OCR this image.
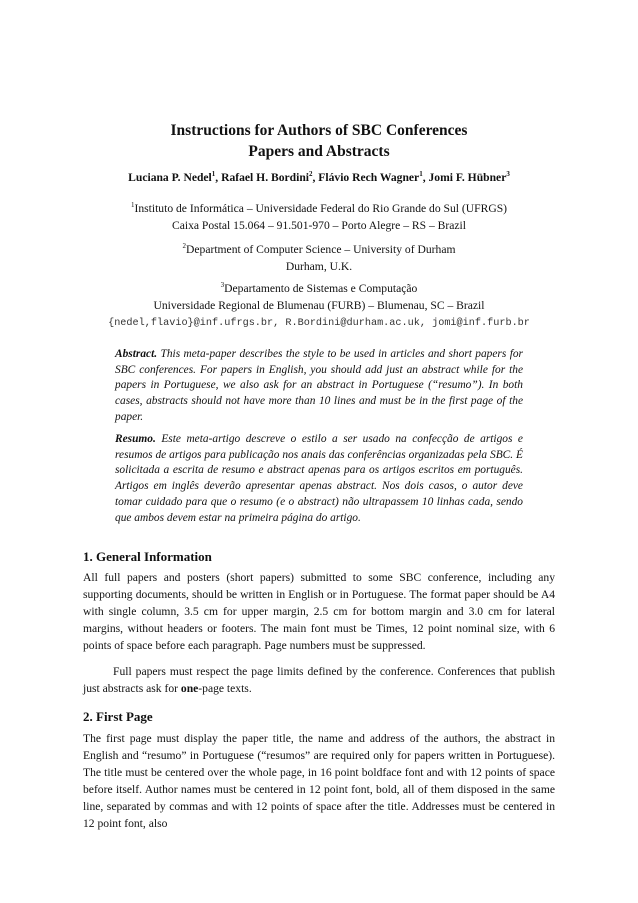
Instructions for Authors of SBC Conferences
Papers and Abstracts
Luciana P. Nedel$^1$, Rafael H. Bordini$^2$, Flávio Rech Wagner$^1$, Jomi F. Hübner$^3$
$^1$Instituto de Informática – Universidade Federal do Rio Grande do Sul (UFRGS)
Caixa Postal 15.064 – 91.501-970 – Porto Alegre – RS – Brazil
$^2$Department of Computer Science – University of Durham
Durham, U.K.
$^3$Departamento de Sistemas e Computação
Universidade Regional de Blumenau (FURB) – Blumenau, SC – Brazil
{nedel,flavio}@inf.ufrgs.br, R.Bordini@durham.ac.uk, jomi@inf.furb.br
Abstract. This meta-paper describes the style to be used in articles and short papers for SBC conferences. For papers in English, you should add just an abstract while for the papers in Portuguese, we also ask for an abstract in Portuguese (“resumo”). In both cases, abstracts should not have more than 10 lines and must be in the first page of the paper.
Resumo. Este meta-artigo descreve o estilo a ser usado na confecção de artigos e resumos de artigos para publicação nos anais das conferências organizadas pela SBC. É solicitada a escrita de resumo e abstract apenas para os artigos escritos em português. Artigos em inglês deverão apresentar apenas abstract. Nos dois casos, o autor deve tomar cuidado para que o resumo (e o abstract) não ultrapassem 10 linhas cada, sendo que ambos devem estar na primeira página do artigo.
1. General Information
All full papers and posters (short papers) submitted to some SBC conference, including any supporting documents, should be written in English or in Portuguese. The format paper should be A4 with single column, 3.5 cm for upper margin, 2.5 cm for bottom margin and 3.0 cm for lateral margins, without headers or footers. The main font must be Times, 12 point nominal size, with 6 points of space before each paragraph. Page numbers must be suppressed.
Full papers must respect the page limits defined by the conference. Conferences that publish just abstracts ask for one-page texts.
2. First Page
The first page must display the paper title, the name and address of the authors, the abstract in English and “resumo” in Portuguese (“resumos” are required only for papers written in Portuguese). The title must be centered over the whole page, in 16 point boldface font and with 12 points of space before itself. Author names must be centered in 12 point font, bold, all of them disposed in the same line, separated by commas and with 12 points of space after the title. Addresses must be centered in 12 point font, also
